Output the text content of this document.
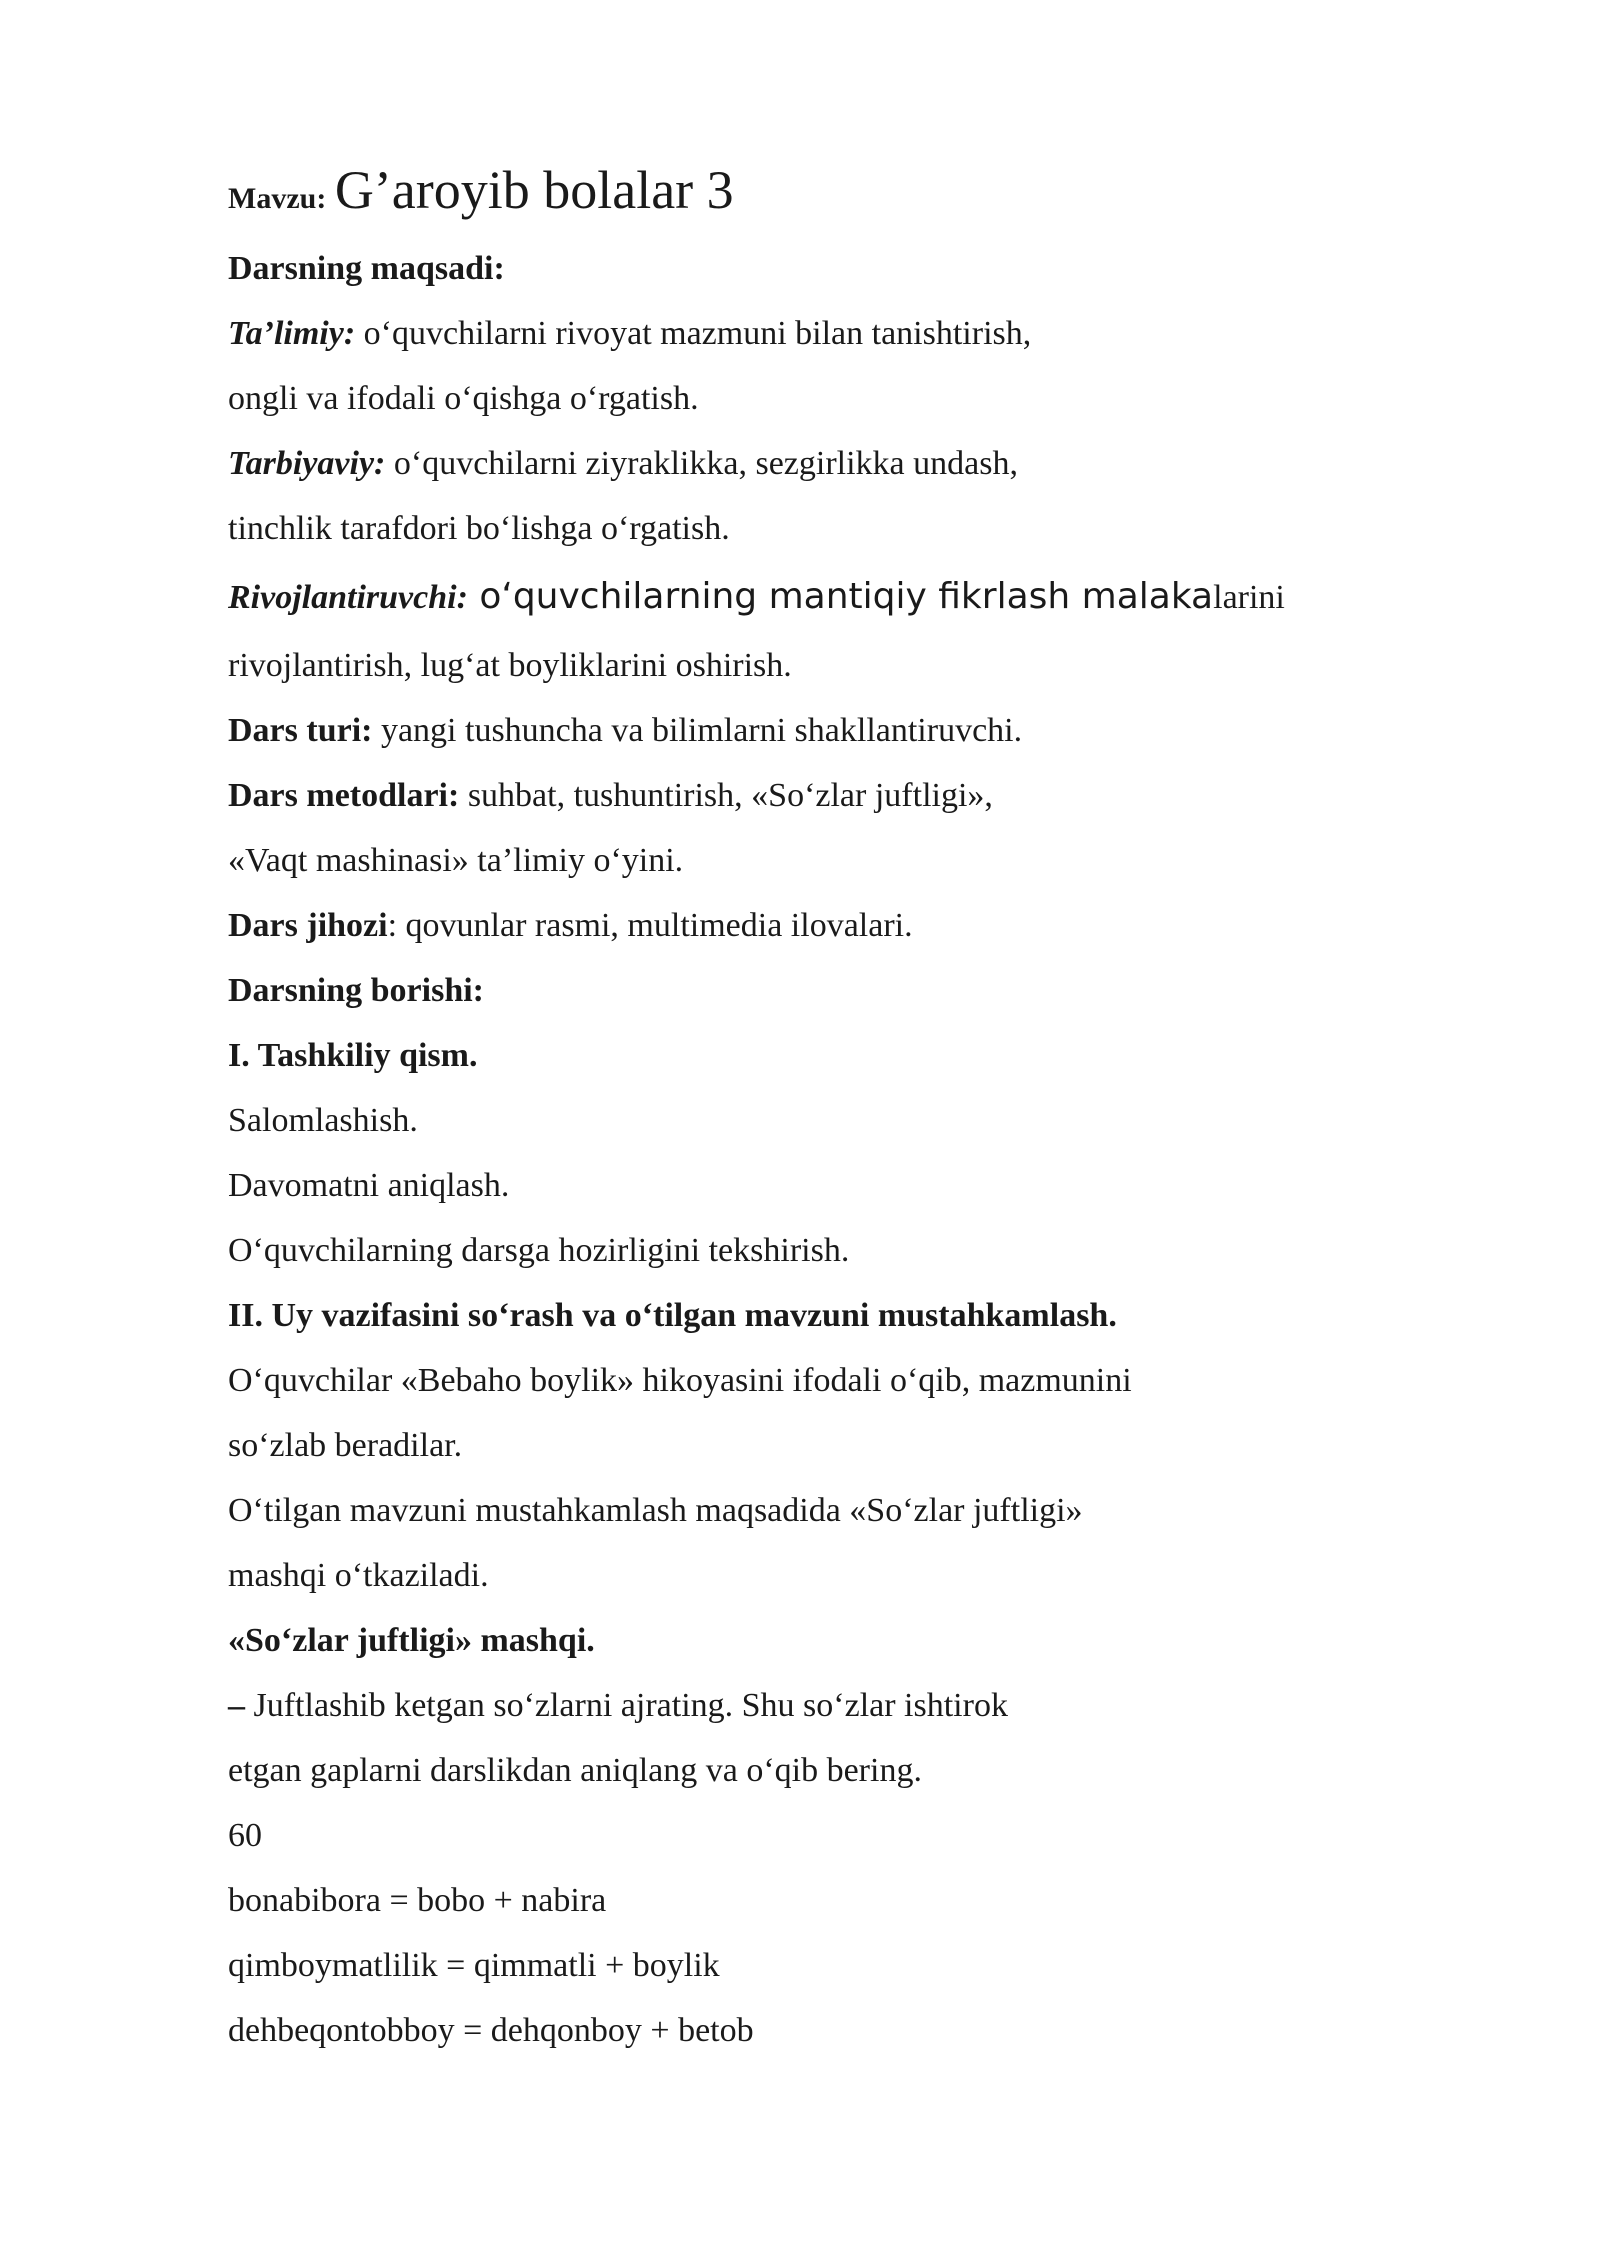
Mavzu: G’aroyib bolalar 3
Darsning maqsadi:
Ta’limiy: o‘quvchilarni rivoyat mazmuni bilan tanishtirish,
ongli va ifodali o‘qishga o‘rgatish.
Tarbiyaviy: o‘quvchilarni ziyraklikka, sezgirlikka undash,
tinchlik tarafdori bo‘lishga o‘rgatish.
Rivojlantiruvchi: o‘quvchilarning mantiqiy fikrlash malakalarini
rivojlantirish, lug‘at boyliklarini oshirish.
Dars turi: yangi tushuncha va bilimlarni shakllantiruvchi.
Dars metodlari: suhbat, tushuntirish, «So‘zlar juftligi»,
«Vaqt mashinasi» ta’limiy o‘yini.
Dars jihozi: qovunlar rasmi, multimedia ilovalari.
Darsning borishi:
I. Tashkiliy qism.
Salomlashish.
Davomatni aniqlash.
O‘quvchilarning darsga hozirligini tekshirish.
II. Uy vazifasini so‘rash va o‘tilgan mavzuni mustahkamlash.
O‘quvchilar «Bebaho boylik» hikoyasini ifodali o‘qib, mazmunini
so‘zlab beradilar.
O‘tilgan mavzuni mustahkamlash maqsadida «So‘zlar juftligi»
mashqi o‘tkaziladi.
«So‘zlar juftligi» mashqi.
– Juftlashib ketgan so‘zlarni ajrating. Shu so‘zlar ishtirok
etgan gaplarni darslikdan aniqlang va o‘qib bering.
60
bonabibora = bobo + nabira
qimboymatlilik = qimmatli + boylik
dehbeqontobboy = dehqonboy + betob
